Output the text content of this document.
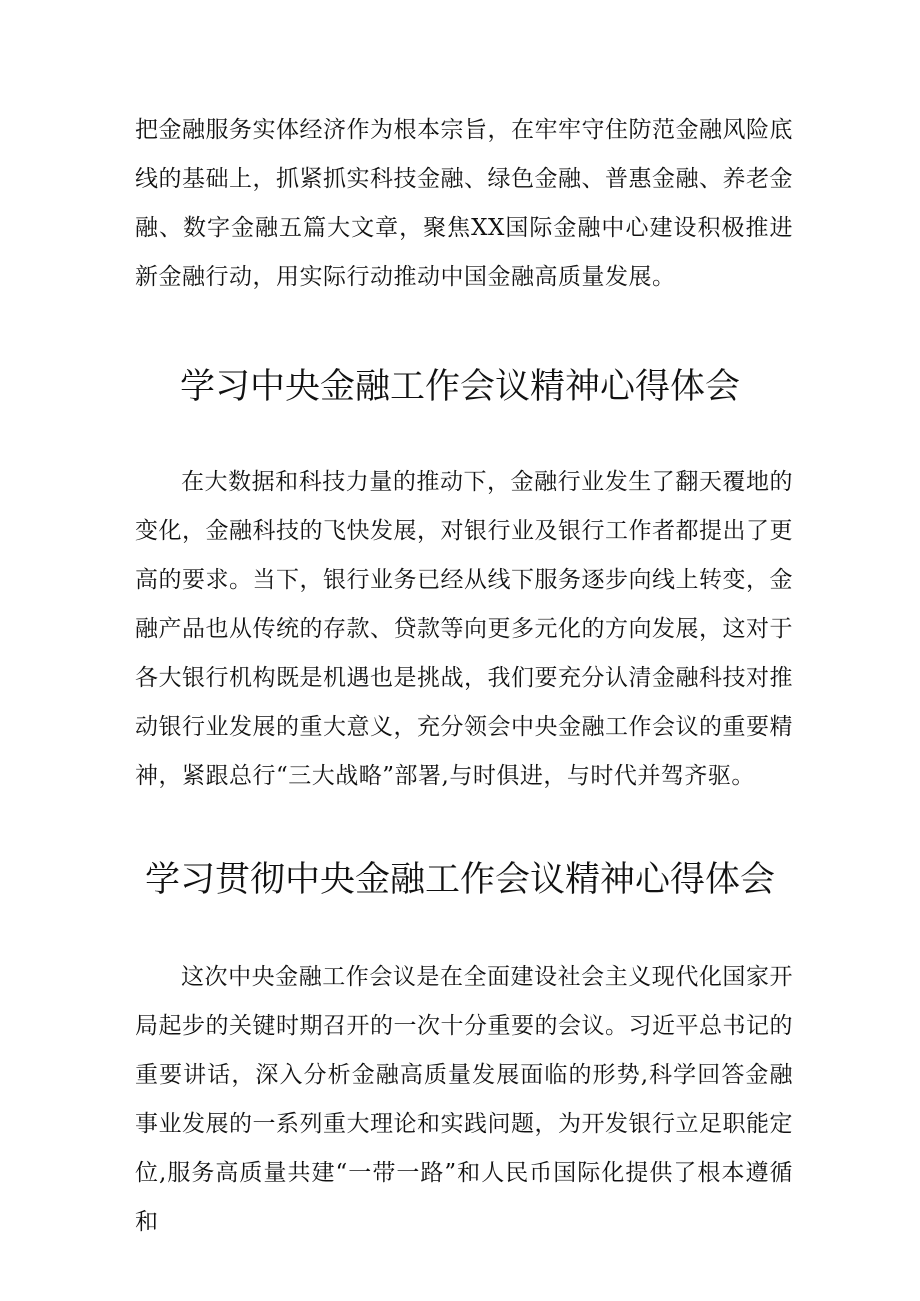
把金融服务实体经济作为根本宗旨，在牢牢守住防范金融风险底线的基础上，抓紧抓实科技金融、绿色金融、普惠金融、养老金融、数字金融五篇大文章，聚焦XX国际金融中心建设积极推进新金融行动，用实际行动推动中国金融高质量发展。

学习中央金融工作会议精神心得体会

在大数据和科技力量的推动下，金融行业发生了翻天覆地的变化，金融科技的飞快发展，对银行业及银行工作者都提出了更高的要求。当下，银行业务已经从线下服务逐步向线上转变，金融产品也从传统的存款、贷款等向更多元化的方向发展，这对于各大银行机构既是机遇也是挑战，我们要充分认清金融科技对推动银行业发展的重大意义，充分领会中央金融工作会议的重要精神，紧跟总行“三大战略”部署,与时俱进，与时代并驾齐驱。

学习贯彻中央金融工作会议精神心得体会

这次中央金融工作会议是在全面建设社会主义现代化国家开局起步的关键时期召开的一次十分重要的会议。习近平总书记的重要讲话，深入分析金融高质量发展面临的形势,科学回答金融事业发展的一系列重大理论和实践问题，为开发银行立足职能定位,服务高质量共建“一带一路”和人民币国际化提供了根本遵循和
